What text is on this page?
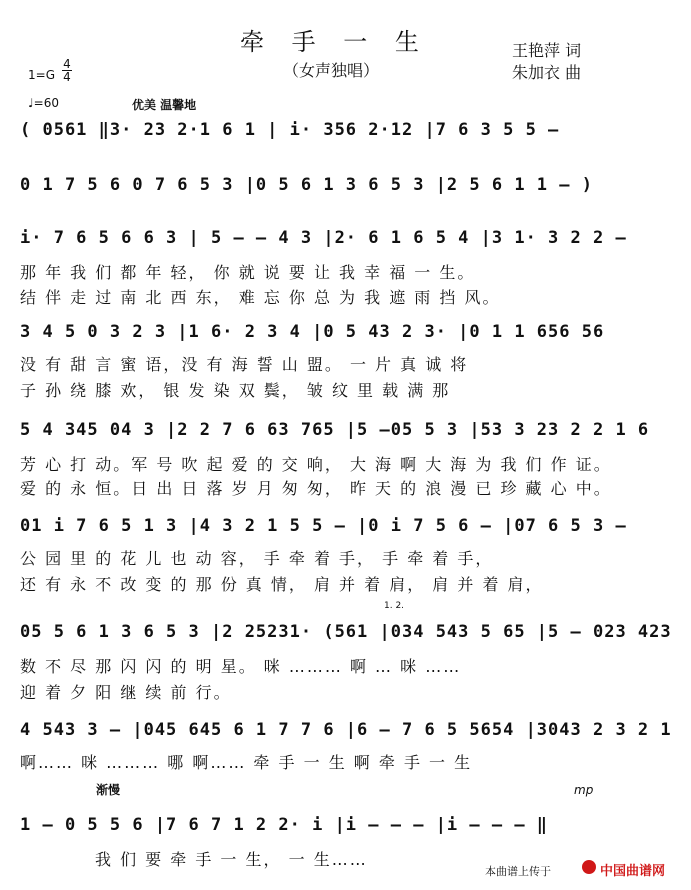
牵 手 一 生
（女声独唱）
王艳萍 词
朱加衣 曲
1=G
4
4
♩=60	优美 温馨地
( 0561 ‖3· 23 2·1 6 1 | i· 356 2·12 |7 6 3 5 5 –
0 1 7 5 6 0 7 6 5 3 |0 5 6 1 3 6 5 3 |2 5 6 1 1 – )
i· 7 6 5 6 6 3 | 5 – – 4 3 |2· 6 1 6 5 4 |3 1· 3 2 2 –
那 年 我 们 都 年 轻， 你 就 说 要 让 我 幸 福 一 生。
结 伴 走 过 南 北 西 东， 难 忘 你 总 为 我 遮 雨 挡 风。
3 4 5 0 3 2 3 |1 6· 2 3 4 |0 5 43 2 3· |0 1 1 656 56
没 有 甜 言 蜜 语，没 有 海 誓 山 盟。 一 片 真 诚 将
子 孙 绕 膝 欢， 银 发 染 双 鬓， 皱 纹 里 载 满 那
5 4 345 04 3 |2 2 7 6 63 765 |5 –05 5 3 |53 3 23 2 2 1 6
芳 心 打 动。军 号 吹 起 爱 的 交 响， 大 海 啊 大 海 为 我 们 作 证。
爱 的 永 恒。日 出 日 落 岁 月 匆 匆， 昨 天 的 浪 漫 已 珍 藏 心 中。
01 i 7 6 5 1 3 |4 3 2 1 5 5 – |0 i 7 5 6 – |07 6 5 3 –
公 园 里 的 花 儿 也 动 容， 手 牵 着 手， 手 牵 着 手，
还 有 永 不 改 变 的 那 份 真 情， 肩 并 着 肩， 肩 并 着 肩，
1. 2.
05 5 6 1 3 6 5 3 |2 25231· (561 |034 543 5 65 |5 – 023 423
数 不 尽 那 闪 闪 的 明 星。 咪 ……… 啊 … 咪 ……
迎 着 夕 阳 继 续 前 行。
4 543 3 – |045 645 6 1 7 7 6 |6 – 7 6 5 5654 |3043 2 3 2 1
啊…… 咪 ……… 哪 啊…… 牵 手 一 生 啊 牵 手 一 生
渐慢	mp
1 – 0 5 5 6 |7 6 7 1 2 2· i |i – – – |i – – – ‖
我 们 要 牵 手 一 生， 一 生……
本曲谱上传于	中国曲谱网
